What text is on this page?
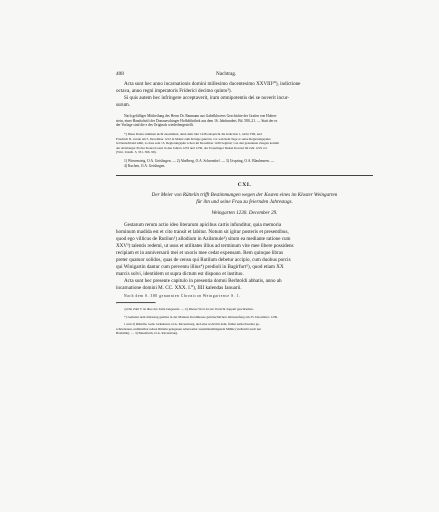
408	Nachtrag.

Acta sunt hec anno incarnationis domini millesimo ducentesimo XXVIII²⁰), indictione

octava, anno regni imperatoris Friderici decimo quinto³).

Si quis autem hec infringere acceptaverit, iram omnipotentis dei se noverit incur-

surum.

Nach gefälliger Mittheilung des Herrn Dr. Baumann aus Gabelkhovers Geschichte der Grafen von Hohen-

stein, einer Handschrift der Donaueschinger Hofbibliothek aus dem 16. Jahrhundert, Bd. 580–21. — Statt der es

der Vorlage sind die e des Originals wiederhergestellt.

*) Diese Daten stimmen nicht zusammen, denn dem Jahr 1228 entspricht die Indiction 1, nicht VIII, und

Friedrich II. wurde am 5. December 1212 in Mainz zum Könige gekrönt, vor welchem Tage er seine Regierungsjahre

in Deutschland zählt, so dass sein 15. Regierungsjahr schon im December 1226 beginnt; von den genannten Zeugen kommt

der Abtsburger Probst Konrad sonst in den Jahren 1233 und 1236, der Ursprünger Dekan Konrad im Jahr 1219 vor

(Wirt. Urkdb. 3, 331. 366. 99).

1) Wiesensteig, O.A. Geislingen. — 2) Ahelberg, O.A. Schorndorf. — 3) Urspring, O.A. Blaubeuren. —

4) Kuchen, O.A. Geislingen.

CXI.

Der Meier von Rüttelin trifft Bestimmungen wegen der Kosten eines im Kloster Weingarten

für ihn und seine Frau zu feiernden Jahrestags.

Weingarten 1230. December 29.

Gestarum rerum actio ideo literarum apicibus cartis infunditur, quia memoria

hominum madida est et cito transit et labitur. Notum sit igitur posteris et presentibus,

quod ego villicus de Rutilun¹) allodium in Azilsmule²) situm ea mediante ratione cum

XXV³) talentis redemi, ut usus et utilitates illius ad terminum vite mee libere possidens

recipiam et in anniversarii mei et uxoris mee cedat expensam. Rem quinque libras

preter quatuor solidos, quas de censu qui Rutilum debetur accipio, cum duobus porcis

qui Winigartin dantur cum preventu illius⁴) predioli in Bagirfurt⁵), quod etiam XX

marcis solvi, identidem ut supra dictum est dispono et instituo.

Acta sunt hec presente capitulo in presentia domni Berhtoldi abbatis, anno ab

incarnatione domini M. CC. XXX. I.⁰), IIII kalendas Ianuarii.

Nach dem S. 380 genannten Chronicon Weingartense S. 1.

a) Die Zahl V ist über der Zeile beigesetzt. — b) Dieses Wort ist zur Vorsicht doppelt geschrieben.

*) Gemeint dem Jahrestag gemäss in der Mainzer Kreditkasse gebräuchlichen Jahresanfang am 25. December: 1230.

1 und 2) Rüttelin, Gem. Grünkraut, O.A. Ravensburg, und eine wohl mit dem, früher Azilschweiler ge-

schriebenen, unmittelbar neben Rütteln gelegenen Alterweiler zusammenhängende Mühle (vielleicht auch nur

Haslrülle). — 3) Baienfurth, O.A. Ravensburg.
